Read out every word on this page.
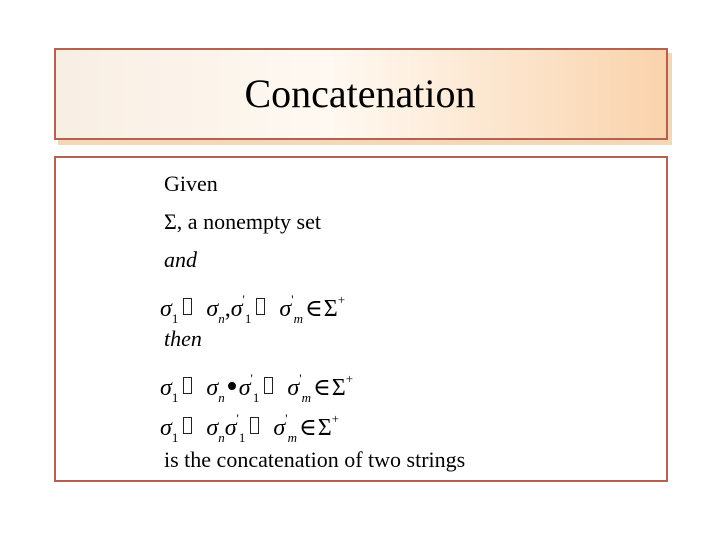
Concatenation
Given
Σ, a nonempty set
and
$\sigma_1$ $\sigma_n,\sigma'_1$ $\sigma'_m\in\Sigma^+$
then
$\sigma_1$ $\sigma_n$ $\sigma'_1$ $\sigma'_m\in\Sigma^+$
$\sigma_1$ $\sigma_n\sigma'_1$ $\sigma'_m\in\Sigma^+$
is the concatenation of two strings
